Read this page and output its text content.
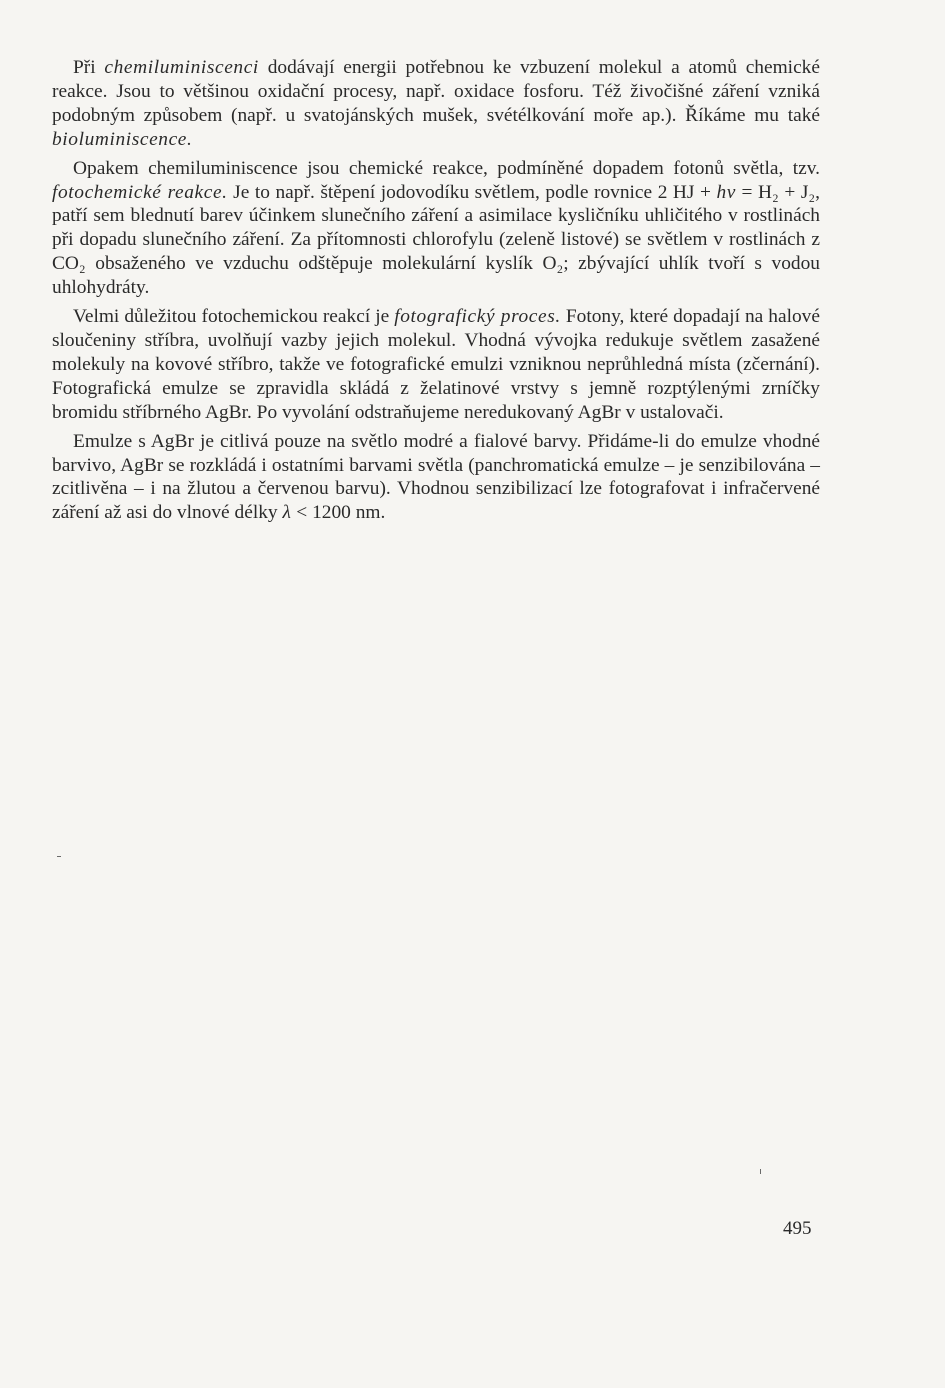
Při chemiluminiscenci dodávají energii potřebnou ke vzbuzení molekul a atomů chemické reakce. Jsou to většinou oxidační procesy, např. oxidace fosforu. Též živočišné záření vzniká podobným způsobem (např. u svatojánských mušek, svétélkování moře ap.). Říkáme mu také bioluminiscence.

Opakem chemiluminiscence jsou chemické reakce, podmíněné dopadem fotonů světla, tzv. fotochemické reakce. Je to např. štěpení jodovodíku světlem, podle rovnice 2 HJ + hν = H₂ + J₂, patří sem blednutí barev účinkem slunečního záření a asimilace kysličníku uhličitého v rostlinách při dopadu slunečního záření. Za přítomnosti chlorofylu (zeleně listové) se světlem v rostlinách z CO₂ obsaženého ve vzduchu odštěpuje molekulární kyslík O₂; zbývající uhlík tvoří s vodou uhlohydráty.

Velmi důležitou fotochemickou reakcí je fotografický proces. Fotony, které dopadají na halové sloučeniny stříbra, uvolňují vazby jejich molekul. Vhodná vývojka redukuje světlem zasažené molekuly na kovové stříbro, takže ve fotografické emulzi vzniknou neprůhledná místa (zčernání). Fotografická emulze se zpravidla skládá z želatinové vrstvy s jemně rozptýlenými zrníčky bromidu stříbrného AgBr. Po vyvolání odstraňujeme neredukovaný AgBr v ustalovači.

Emulze s AgBr je citlivá pouze na světlo modré a fialové barvy. Přidáme-li do emulze vhodné barvivo, AgBr se rozkládá i ostatními barvami světla (panchromatická emulze – je senzibilována – zcitlivěna – i na žlutou a červenou barvu). Vhodnou senzibilizací lze fotografovat i infračervené záření až asi do vlnové délky λ < 1200 nm.

495
